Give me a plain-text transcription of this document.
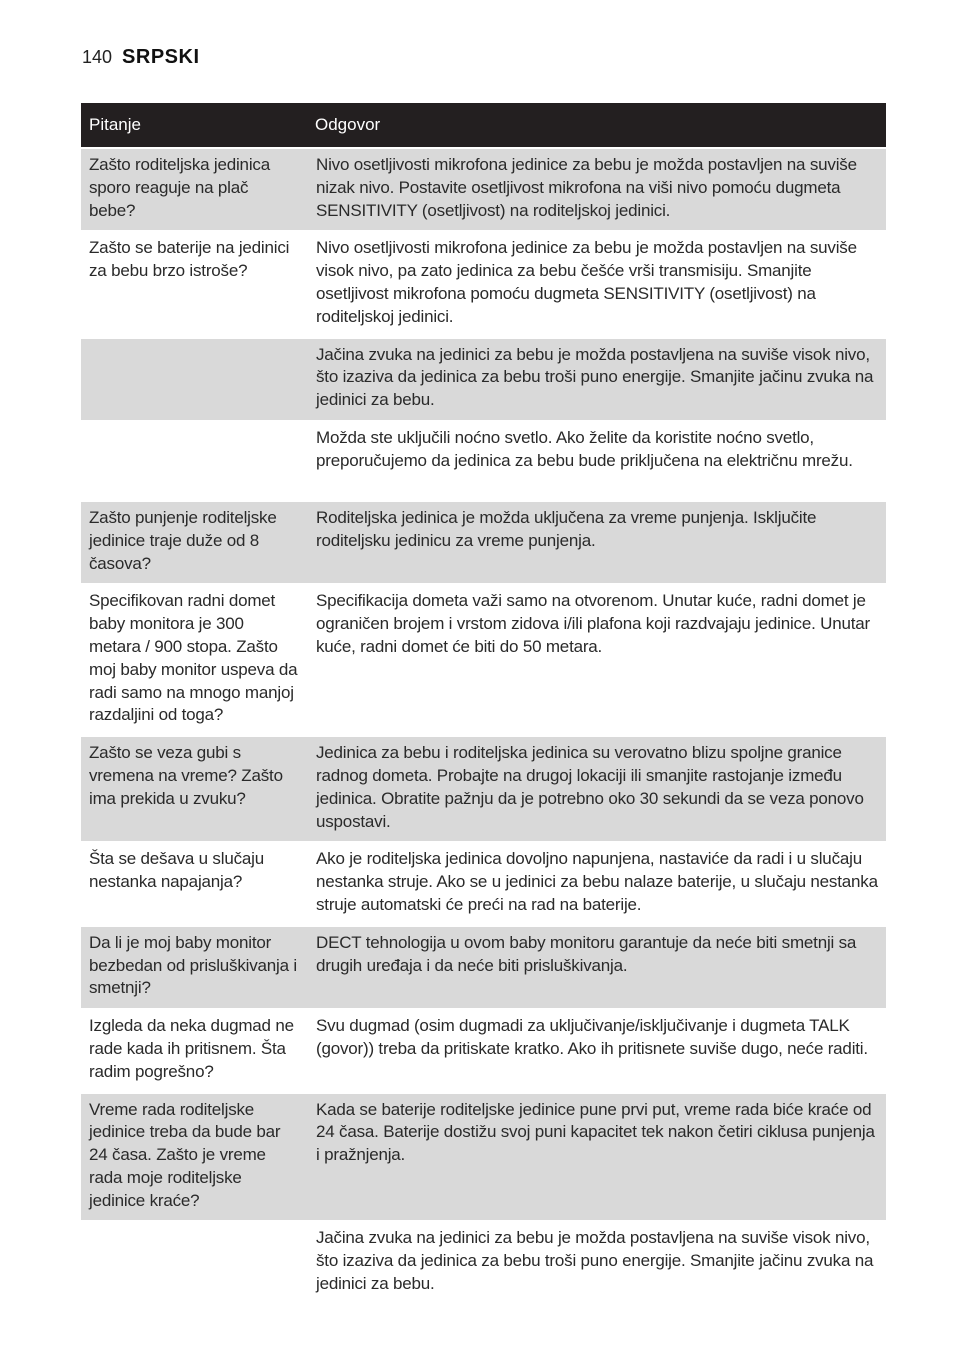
140 SRPSKI
Pitanje	Odgovor
Zašto roditeljska jedinica sporo reaguje na plač bebe?	Nivo osetljivosti mikrofona jedinice za bebu je možda postavljen na suviše nizak nivo. Postavite osetljivost mikrofona na viši nivo pomoću dugmeta SENSITIVITY (osetljivost) na roditeljskoj jedinici.
Zašto se baterije na jedinici za bebu brzo istroše?	Nivo osetljivosti mikrofona jedinice za bebu je možda postavljen na suviše visok nivo, pa zato jedinica za bebu češće vrši transmisiju. Smanjite osetljivost mikrofona pomoću dugmeta SENSITIVITY (osetljivost) na roditeljskoj jedinici.
	Jačina zvuka na jedinici za bebu je možda postavljena na suviše visok nivo, što izaziva da jedinica za bebu troši puno energije. Smanjite jačinu zvuka na jedinici za bebu.
	Možda ste uključili noćno svetlo. Ako želite da koristite noćno svetlo, preporučujemo da jedinica za bebu bude priključena na električnu mrežu.
Zašto punjenje roditeljske jedinice traje duže od 8 časova?	Roditeljska jedinica je možda uključena za vreme punjenja. Isključite roditeljsku jedinicu za vreme punjenja.
Specifikovan radni domet baby monitora je 300 metara / 900 stopa. Zašto moj baby monitor uspeva da radi samo na mnogo manjoj razdaljini od toga?	Specifikacija dometa važi samo na otvorenom. Unutar kuće, radni domet je ograničen brojem i vrstom zidova i/ili plafona koji razdvajaju jedinice. Unutar kuće, radni domet će biti do 50 metara.
Zašto se veza gubi s vremena na vreme? Zašto ima prekida u zvuku?	Jedinica za bebu i roditeljska jedinica su verovatno blizu spoljne granice radnog dometa. Probajte na drugoj lokaciji ili smanjite rastojanje između jedinica. Obratite pažnju da je potrebno oko 30 sekundi da se veza ponovo uspostavi.
Šta se dešava u slučaju nestanka napajanja?	Ako je roditeljska jedinica dovoljno napunjena, nastaviće da radi i u slučaju nestanka struje. Ako se u jedinici za bebu nalaze baterije, u slučaju nestanka struje automatski će preći na rad na baterije.
Da li je moj baby monitor bezbedan od prisluškivanja i smetnji?	DECT tehnologija u ovom baby monitoru garantuje da neće biti smetnji sa drugih uređaja i da neće biti prisluškivanja.
Izgleda da neka dugmad ne rade kada ih pritisnem. Šta radim pogrešno?	Svu dugmad (osim dugmadi za uključivanje/isključivanje i dugmeta TALK (govor)) treba da pritiskate kratko. Ako ih pritisnete suviše dugo, neće raditi.
Vreme rada roditeljske jedinice treba da bude bar 24 časa. Zašto je vreme rada moje roditeljske jedinice kraće?	Kada se baterije roditeljske jedinice pune prvi put, vreme rada biće kraće od 24 časa. Baterije dostižu svoj puni kapacitet tek nakon četiri ciklusa punjenja i pražnjenja.
	Jačina zvuka na jedinici za bebu je možda postavljena na suviše visok nivo, što izaziva da jedinica za bebu troši puno energije. Smanjite jačinu zvuka na jedinici za bebu.
